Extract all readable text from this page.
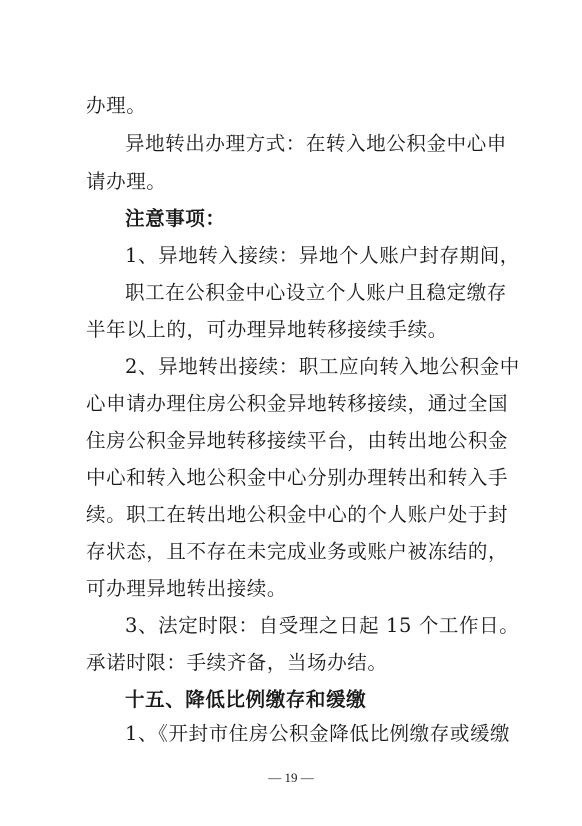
办理。
异地转出办理方式：在转入地公积金中心申
请办理。
注意事项：
1、异地转入接续：异地个人账户封存期间，
职工在公积金中心设立个人账户且稳定缴存
半年以上的，可办理异地转移接续手续。
2、异地转出接续：职工应向转入地公积金中
心申请办理住房公积金异地转移接续，通过全国
住房公积金异地转移接续平台，由转出地公积金
中心和转入地公积金中心分别办理转出和转入手
续。职工在转出地公积金中心的个人账户处于封
存状态，且不存在未完成业务或账户被冻结的，
可办理异地转出接续。
3、法定时限：自受理之日起 15 个工作日。
承诺时限：手续齐备，当场办结。
十五、降低比例缴存和缓缴
1、《开封市住房公积金降低比例缴存或缓缴
— 19 —
